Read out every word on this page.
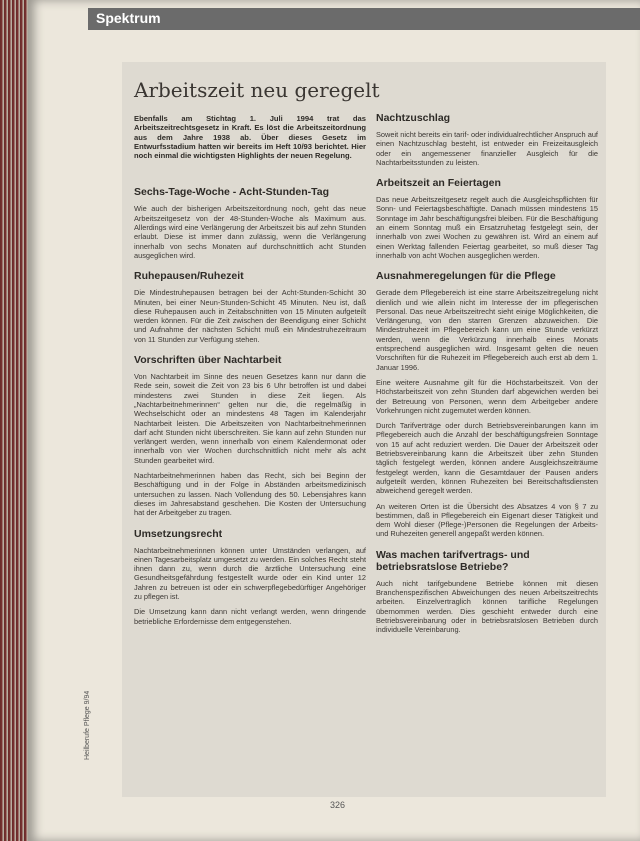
Spektrum
Arbeitszeit neu geregelt

Ebenfalls am Stichtag 1. Juli 1994 trat das Arbeitszeitrechtsgesetz in Kraft. Es löst die Arbeitszeitordnung aus dem Jahre 1938 ab. Über dieses Gesetz im Entwurfsstadium hatten wir bereits im Heft 10/93 berichtet. Hier noch einmal die wichtigsten Highlights der neuen Regelung.

Sechs-Tage-Woche - Acht-Stunden-Tag

Wie auch der bisherigen Arbeitszeitordnung noch, geht das neue Arbeitszeitgesetz von der 48-Stunden-Woche als Maximum aus. Allerdings wird eine Verlängerung der Arbeitszeit bis auf zehn Stunden erlaubt. Diese ist immer dann zulässig, wenn die Verlängerung innerhalb von sechs Monaten auf durchschnittlich acht Stunden ausgeglichen wird.

Ruhepausen/Ruhezeit

Die Mindestruhepausen betragen bei der Acht-Stunden-Schicht 30 Minuten, bei einer Neun-Stunden-Schicht 45 Minuten. Neu ist, daß diese Ruhepausen auch in Zeitabschnitten von 15 Minuten aufgeteilt werden können. Für die Zeit zwischen der Beendigung einer Schicht und Aufnahme der nächsten Schicht muß ein Mindestruhezeitraum von 11 Stunden zur Verfügung stehen.

Vorschriften über Nachtarbeit

Von Nachtarbeit im Sinne des neuen Gesetzes kann nur dann die Rede sein, soweit die Zeit von 23 bis 6 Uhr betroffen ist und dabei mindestens zwei Stunden in diese Zeit liegen. Als „Nachtarbeitnehmerinnen“ gelten nur die, die regelmäßig in Wechselschicht oder an mindestens 48 Tagen im Kalenderjahr Nachtarbeit leisten. Die Arbeitszeiten von Nachtarbeitnehmerinnen darf acht Stunden nicht überschreiten. Sie kann auf zehn Stunden nur verlängert werden, wenn innerhalb von einem Kalendermonat oder innerhalb von vier Wochen durchschnittlich nicht mehr als acht Stunden gearbeitet wird.

Nachtarbeitnehmerinnen haben das Recht, sich bei Beginn der Beschäftigung und in der Folge in Abständen arbeitsmedizinisch untersuchen zu lassen. Nach Vollendung des 50. Lebensjahres kann dieses im Jahresabstand geschehen. Die Kosten der Untersuchung hat der Arbeitgeber zu tragen.

Umsetzungsrecht

Nachtarbeitnehmerinnen können unter Umständen verlangen, auf einen Tagesarbeitsplatz umgesetzt zu werden. Ein solches Recht steht ihnen dann zu, wenn durch die ärztliche Untersuchung eine Gesundheitsgefährdung festgestellt wurde oder ein Kind unter 12 Jahren zu betreuen ist oder ein schwerpflegebedürftiger Angehöriger zu pflegen ist.

Die Umsetzung kann dann nicht verlangt werden, wenn dringende betriebliche Erfordernisse dem entgegenstehen.

Nachtzuschlag

Soweit nicht bereits ein tarif- oder individualrechtlicher Anspruch auf einen Nachtzuschlag besteht, ist entweder ein Freizeitausgleich oder ein angemessener finanzieller Ausgleich für die Nachtarbeitsstunden zu leisten.

Arbeitszeit an Feiertagen

Das neue Arbeitszeitgesetz regelt auch die Ausgleichspflichten für Sonn- und Feiertagsbeschäftigte. Danach müssen mindestens 15 Sonntage im Jahr beschäftigungsfrei bleiben. Für die Beschäftigung an einem Sonntag muß ein Ersatzruhetag festgelegt sein, der innerhalb von zwei Wochen zu gewähren ist. Wird an einem auf einen Werktag fallenden Feiertag gearbeitet, so muß dieser Tag innerhalb von acht Wochen ausgeglichen werden.

Ausnahmeregelungen für die Pflege

Gerade dem Pflegebereich ist eine starre Arbeitszeitregelung nicht dienlich und wie allein nicht im Interesse der im pflegerischen Personal. Das neue Arbeitszeitrecht sieht einige Möglichkeiten, die Verlängerung, von den starren Grenzen abzuweichen. Die Mindestruhezeit im Pflegebereich kann um eine Stunde verkürzt werden, wenn die Verkürzung innerhalb eines Monats entsprechend ausgeglichen wird. Insgesamt gelten die neuen Vorschriften für die Ruhezeit im Pflegebereich auch erst ab dem 1. Januar 1996.

Eine weitere Ausnahme gilt für die Höchstarbeitszeit. Von der Höchstarbeitszeit von zehn Stunden darf abgewichen werden bei der Betreuung von Personen, wenn dem Arbeitgeber andere Vorkehrungen nicht zugemutet werden können.

Durch Tarifverträge oder durch Betriebsvereinbarungen kann im Pflegebereich auch die Anzahl der beschäftigungsfreien Sonntage von 15 auf acht reduziert werden. Die Dauer der Arbeitszeit oder Betriebsvereinbarung kann die Arbeitszeit über zehn Stunden täglich festgelegt werden, können andere Ausgleichszeiträume festgelegt werden, kann die Gesamtdauer der Pausen anders aufgeteilt werden, können Ruhezeiten bei Bereitschaftsdiensten abweichend geregelt werden.

An weiteren Orten ist die Übersicht des Absatzes 4 von § 7 zu bestimmen, daß in Pflegebereich ein Eigenart dieser Tätigkeit und dem Wohl dieser (Pflege-)Personen die Regelungen der Arbeits- und Ruhezeiten generell angepaßt werden können.

Was machen tarifvertrags- und betriebsratslose Betriebe?

Auch nicht tarifgebundene Betriebe können mit diesen Branchenspezifischen Abweichungen des neuen Arbeitszeitrechts arbeiten. Einzelvertraglich können tarifliche Regelungen übernommen werden. Dies geschieht entweder durch eine Betriebsvereinbarung oder in betriebsratslosen Betrieben durch individuelle Vereinbarung.

Heilberufe Pflege 9/94
326
